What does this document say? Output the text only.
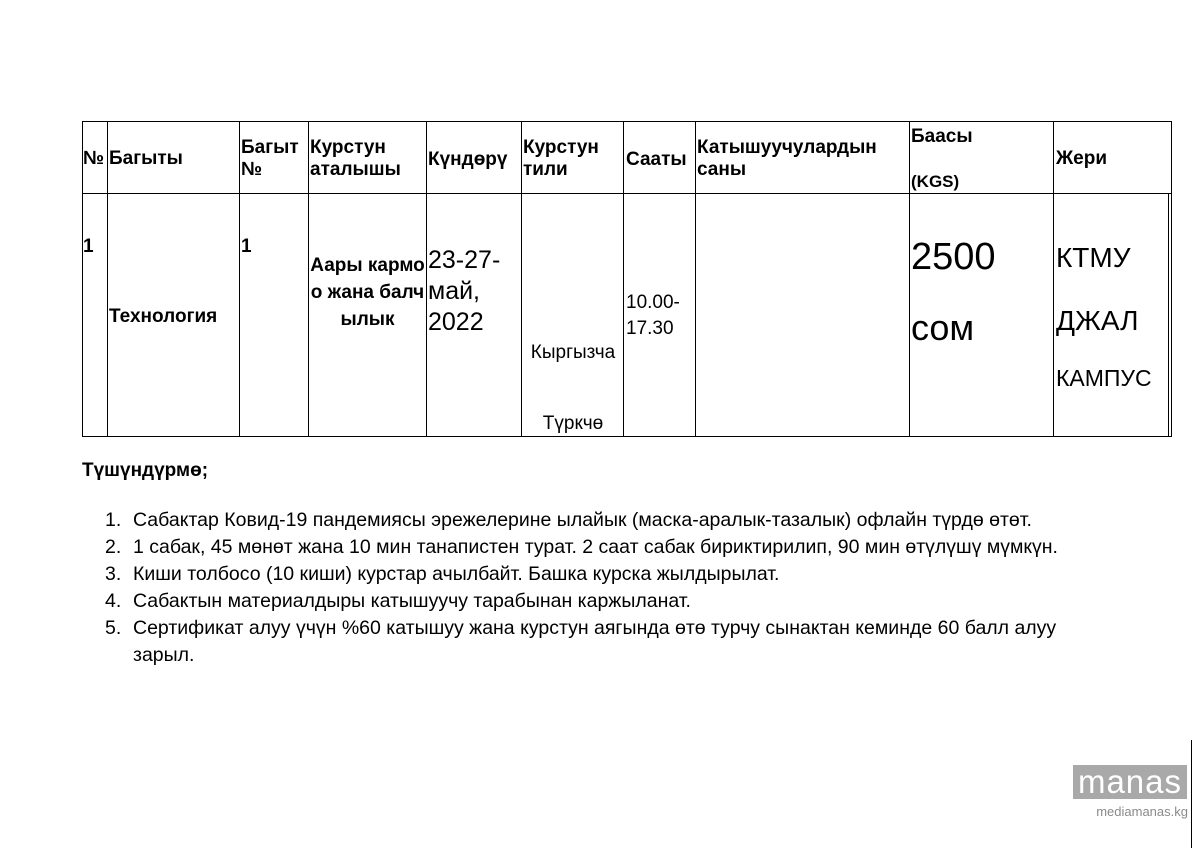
№ Багыты
Багыт №
Курстун аталышы	Күндөрү
Курстун тили	Сааты
Катышуучулардын саны
Баасы
(KGS)
Жери
1
Технология
1
Аары кармоо жана балчылык
23-27-май, 2022
Кыргызча
Түркчө
10.00-17.30
2500
сом
КТМУ
ДЖАЛ
КАМПУС
Түшүндүрмө;
1. Сабактар Ковид-19 пандемиясы эрежелерине ылайык (маска-аралык-тазалык) офлайн түрдө өтөт.
2. 1 сабак, 45 мөнөт жана 10 мин танапистен турат. 2 саат сабак бириктирилип, 90 мин өтүлүшү мүмкүн.
3. Киши толбосо (10 киши) курстар ачылбайт. Башка курска жылдырылат.
4. Сабактын материалдыры катышуучу тарабынан каржыланат.
5. Сертификат алуу үчүн %60 катышуу жана курстун аягында өтө турчу сынактан кеминде 60 балл алуу зарыл.
manas
mediamanas.kg
